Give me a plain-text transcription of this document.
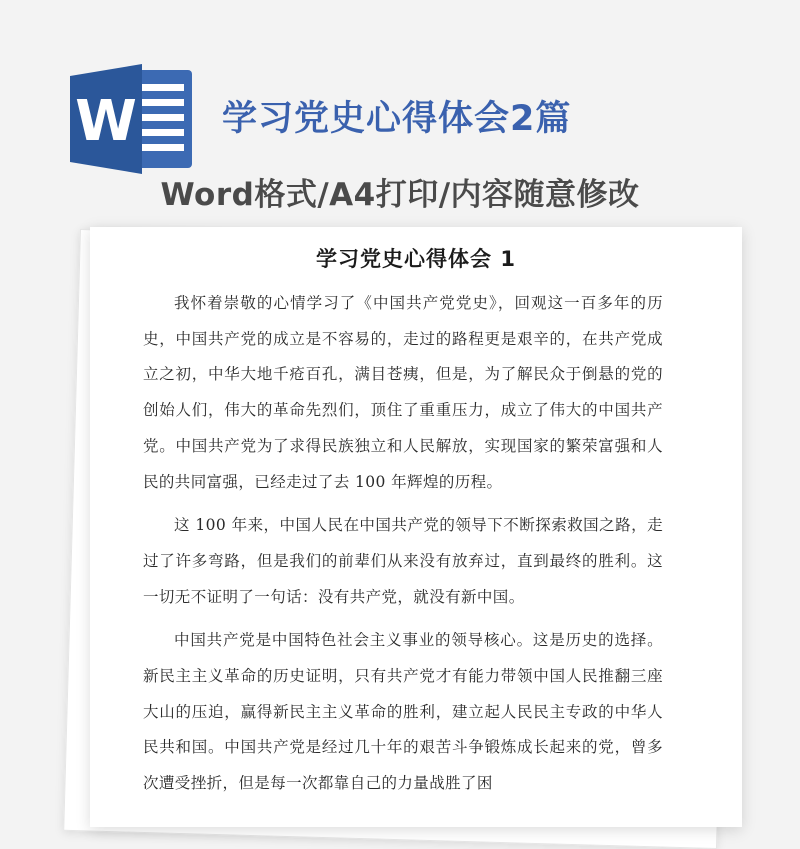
W 学习党史心得体会2篇

Word格式/A4打印/内容随意修改

学习党史心得体会 1

我怀着崇敬的心情学习了《中国共产党党史》，回观这一百多年的历史，中国共产党的成立是不容易的，走过的路程更是艰辛的，在共产党成立之初，中华大地千疮百孔，满目苍痍，但是，为了解民众于倒悬的党的创始人们，伟大的革命先烈们，顶住了重重压力，成立了伟大的中国共产党。中国共产党为了求得民族独立和人民解放，实现国家的繁荣富强和人民的共同富强，已经走过了去 100 年辉煌的历程。

这 100 年来，中国人民在中国共产党的领导下不断探索救国之路，走过了许多弯路，但是我们的前辈们从来没有放弃过，直到最终的胜利。这一切无不证明了一句话：没有共产党，就没有新中国。

中国共产党是中国特色社会主义事业的领导核心。这是历史的选择。新民主主义革命的历史证明，只有共产党才有能力带领中国人民推翻三座大山的压迫，赢得新民主主义革命的胜利，建立起人民民主专政的中华人民共和国。中国共产党是经过几十年的艰苦斗争锻炼成长起来的党，曾多次遭受挫折，但是每一次都靠自己的力量战胜了困
